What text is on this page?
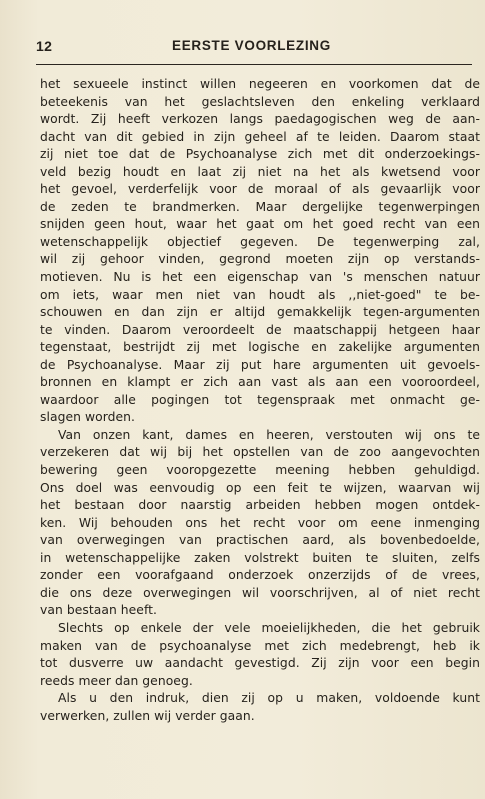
12	EERSTE VOORLEZING
het sexueele instinct willen negeeren en voorkomen dat de
beteekenis van het geslachtsleven den enkeling verklaard
wordt. Zij heeft verkozen langs paedagogischen weg de aan-
dacht van dit gebied in zijn geheel af te leiden. Daarom staat
zij niet toe dat de Psychoanalyse zich met dit onderzoekings-
veld bezig houdt en laat zij niet na het als kwetsend voor
het gevoel, verderfelijk voor de moraal of als gevaarlijk voor
de zeden te brandmerken. Maar dergelijke tegenwerpingen
snijden geen hout, waar het gaat om het goed recht van een
wetenschappelijk objectief gegeven. De tegenwerping zal,
wil zij gehoor vinden, gegrond moeten zijn op verstands-
motieven. Nu is het een eigenschap van 's menschen natuur
om iets, waar men niet van houdt als ,,niet-goed" te be-
schouwen en dan zijn er altijd gemakkelijk tegen-argumenten
te vinden. Daarom veroordeelt de maatschappij hetgeen haar
tegenstaat, bestrijdt zij met logische en zakelijke argumenten
de Psychoanalyse. Maar zij put hare argumenten uit gevoels-
bronnen en klampt er zich aan vast als aan een vooroordeel,
waardoor alle pogingen tot tegenspraak met onmacht ge-
slagen worden.
Van onzen kant, dames en heeren, verstouten wij ons te
verzekeren dat wij bij het opstellen van de zoo aangevochten
bewering geen vooropgezette meening hebben gehuldigd.
Ons doel was eenvoudig op een feit te wijzen, waarvan wij
het bestaan door naarstig arbeiden hebben mogen ontdek-
ken. Wij behouden ons het recht voor om eene inmenging
van overwegingen van practischen aard, als bovenbedoelde,
in wetenschappelijke zaken volstrekt buiten te sluiten, zelfs
zonder een voorafgaand onderzoek onzerzijds of de vrees,
die ons deze overwegingen wil voorschrijven, al of niet recht
van bestaan heeft.
Slechts op enkele der vele moeielijkheden, die het gebruik
maken van de psychoanalyse met zich medebrengt, heb ik
tot dusverre uw aandacht gevestigd. Zij zijn voor een begin
reeds meer dan genoeg.
Als u den indruk, dien zij op u maken, voldoende kunt
verwerken, zullen wij verder gaan.
